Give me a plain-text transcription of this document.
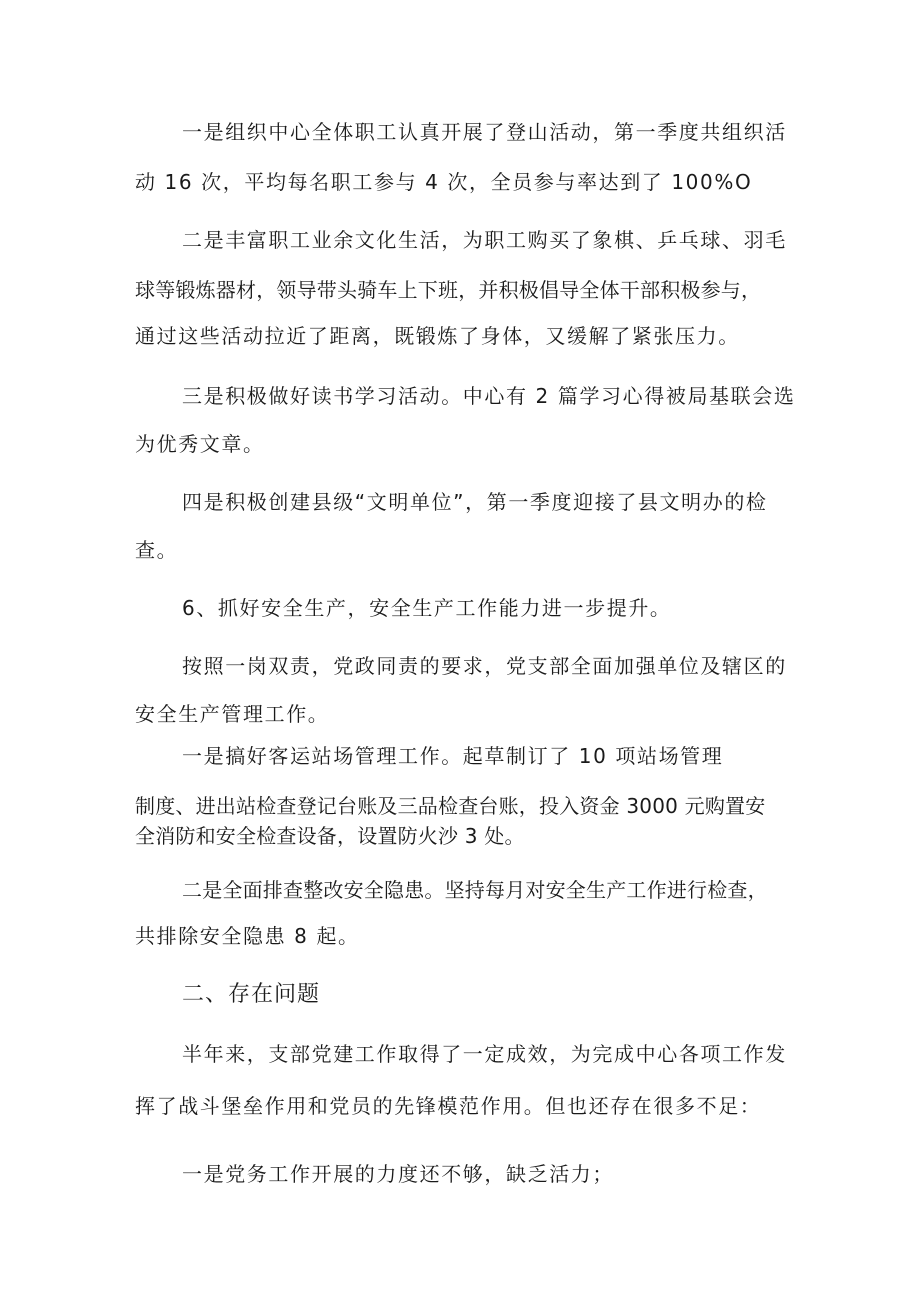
一是组织中心全体职工认真开展了登山活动，第一季度共组织活
动 16 次，平均每名职工参与 4 次，全员参与率达到了 100%O
二是丰富职工业余文化生活，为职工购买了象棋、乒乓球、羽毛
球等锻炼器材，领导带头骑车上下班，并积极倡导全体干部积极参与，
通过这些活动拉近了距离，既锻炼了身体，又缓解了紧张压力。
三是积极做好读书学习活动。中心有 2 篇学习心得被局基联会选
为优秀文章。
四是积极创建县级“文明单位”，第一季度迎接了县文明办的检
查。
6、抓好安全生产，安全生产工作能力进一步提升。
按照一岗双责，党政同责的要求，党支部全面加强单位及辖区的
安全生产管理工作。
一是搞好客运站场管理工作。起草制订了 10 项站场管理
制度、进出站检查登记台账及三品检查台账，投入资金 3000 元购置安
全消防和安全检查设备，设置防火沙 3 处。
二是全面排查整改安全隐患。坚持每月对安全生产工作进行检查，
共排除安全隐患 8 起。
二、存在问题
半年来，支部党建工作取得了一定成效，为完成中心各项工作发
挥了战斗堡垒作用和党员的先锋模范作用。但也还存在很多不足：
一是党务工作开展的力度还不够，缺乏活力；
